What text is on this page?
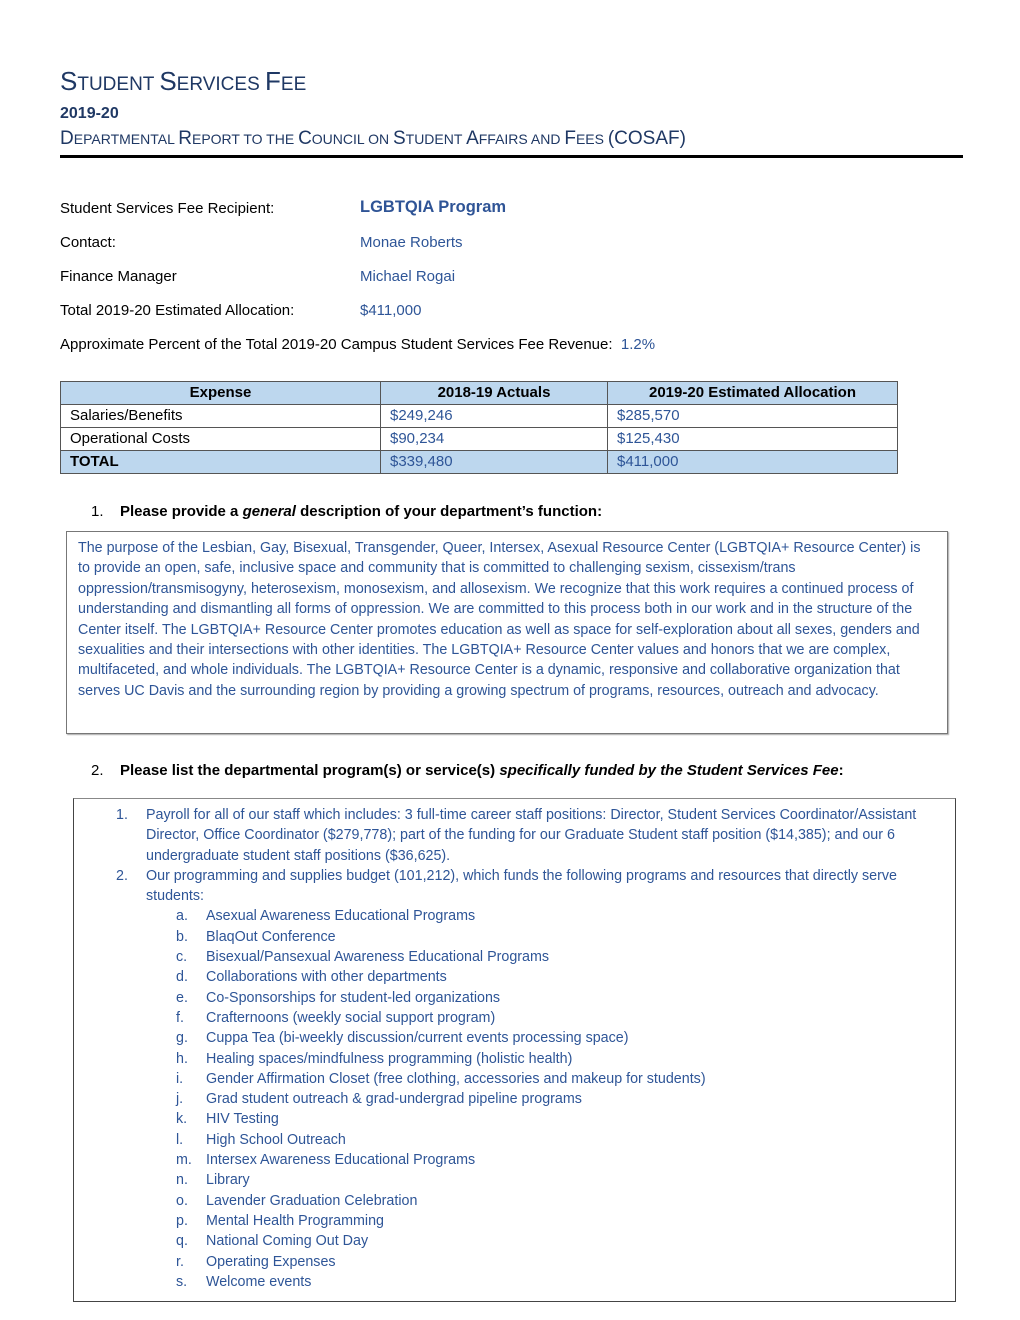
STUDENT SERVICES FEE
2019-20
DEPARTMENTAL REPORT TO THE COUNCIL ON STUDENT AFFAIRS AND FEES (COSAF)
Student Services Fee Recipient:	LGBTQIA Program
Contact:	Monae Roberts
Finance Manager	Michael Rogai
Total 2019-20 Estimated Allocation:	$411,000
Approximate Percent of the Total 2019-20 Campus Student Services Fee Revenue: 1.2%
Expense	2018-19 Actuals	2019-20 Estimated Allocation
Salaries/Benefits	$249,246	$285,570
Operational Costs	$90,234	$125,430
TOTAL	$339,480	$411,000
1. Please provide a general description of your department’s function:

The purpose of the Lesbian, Gay, Bisexual, Transgender, Queer, Intersex, Asexual Resource Center (LGBTQIA+ Resource Center) is to provide an open, safe, inclusive space and community that is committed to challenging sexism, cissexism/trans oppression/transmisogyny, heterosexism, monosexism, and allosexism. We recognize that this work requires a continued process of understanding and dismantling all forms of oppression. We are committed to this process both in our work and in the structure of the Center itself. The LGBTQIA+ Resource Center promotes education as well as space for self-exploration about all sexes, genders and sexualities and their intersections with other identities. The LGBTQIA+ Resource Center values and honors that we are complex, multifaceted, and whole individuals. The LGBTQIA+ Resource Center is a dynamic, responsive and collaborative organization that serves UC Davis and the surrounding region by providing a growing spectrum of programs, resources, outreach and advocacy.

2. Please list the departmental program(s) or service(s) specifically funded by the Student Services Fee:
1. Payroll for all of our staff which includes: 3 full-time career staff positions: Director, Student Services Coordinator/Assistant Director, Office Coordinator ($279,778); part of the funding for our Graduate Student staff position ($14,385); and our 6 undergraduate student staff positions ($36,625).
2. Our programming and supplies budget (101,212), which funds the following programs and resources that directly serve students:
a. Asexual Awareness Educational Programs
b. BlaqOut Conference
c. Bisexual/Pansexual Awareness Educational Programs
d. Collaborations with other departments
e. Co-Sponsorships for student-led organizations
f. Crafternoons (weekly social support program)
g. Cuppa Tea (bi-weekly discussion/current events processing space)
h. Healing spaces/mindfulness programming (holistic health)
i. Gender Affirmation Closet (free clothing, accessories and makeup for students)
j. Grad student outreach & grad-undergrad pipeline programs
k. HIV Testing
l. High School Outreach
m. Intersex Awareness Educational Programs
n. Library
o. Lavender Graduation Celebration
p. Mental Health Programming
q. National Coming Out Day
r. Operating Expenses
s. Welcome events
